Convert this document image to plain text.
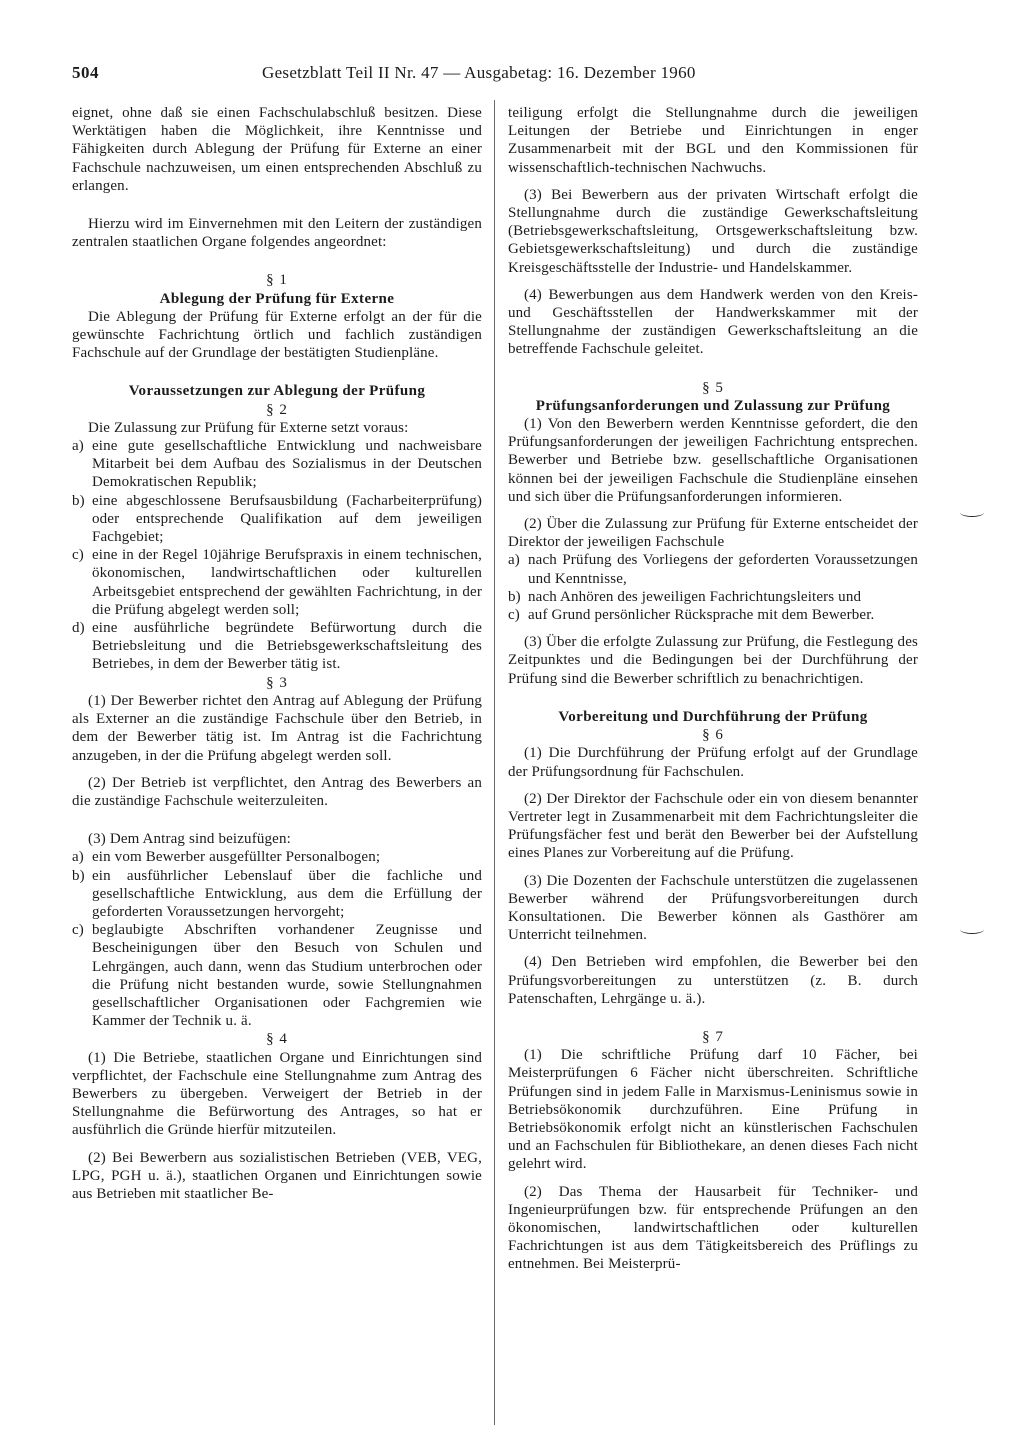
504	Gesetzblatt Teil II Nr. 47 — Ausgabetag: 16. Dezember 1960

eignet, ohne daß sie einen Fachschulabschluß besitzen. Diese Werktätigen haben die Möglichkeit, ihre Kenntnisse und Fähigkeiten durch Ablegung der Prüfung für Externe an einer Fachschule nachzuweisen, um einen entsprechenden Abschluß zu erlangen.

Hierzu wird im Einvernehmen mit den Leitern der zuständigen zentralen staatlichen Organe folgendes angeordnet:

§ 1

Ablegung der Prüfung für Externe

Die Ablegung der Prüfung für Externe erfolgt an der für die gewünschte Fachrichtung örtlich und fachlich zuständigen Fachschule auf der Grundlage der bestätigten Studienpläne.

Voraussetzungen zur Ablegung der Prüfung

§ 2

Die Zulassung zur Prüfung für Externe setzt voraus:

a) eine gute gesellschaftliche Entwicklung und nachweisbare Mitarbeit bei dem Aufbau des Sozialismus in der Deutschen Demokratischen Republik;
b) eine abgeschlossene Berufsausbildung (Facharbeiterprüfung) oder entsprechende Qualifikation auf dem jeweiligen Fachgebiet;
c) eine in der Regel 10jährige Berufspraxis in einem technischen, ökonomischen, landwirtschaftlichen oder kulturellen Arbeitsgebiet entsprechend der gewählten Fachrichtung, in der die Prüfung abgelegt werden soll;
d) eine ausführliche begründete Befürwortung durch die Betriebsleitung und die Betriebsgewerkschaftsleitung des Betriebes, in dem der Bewerber tätig ist.

§ 3

(1) Der Bewerber richtet den Antrag auf Ablegung der Prüfung als Externer an die zuständige Fachschule über den Betrieb, in dem der Bewerber tätig ist. Im Antrag ist die Fachrichtung anzugeben, in der die Prüfung abgelegt werden soll.

(2) Der Betrieb ist verpflichtet, den Antrag des Bewerbers an die zuständige Fachschule weiterzuleiten.

(3) Dem Antrag sind beizufügen:

a) ein vom Bewerber ausgefüllter Personalbogen;
b) ein ausführlicher Lebenslauf über die fachliche und gesellschaftliche Entwicklung, aus dem die Erfüllung der geforderten Voraussetzungen hervorgeht;
c) beglaubigte Abschriften vorhandener Zeugnisse und Bescheinigungen über den Besuch von Schulen und Lehrgängen, auch dann, wenn das Studium unterbrochen oder die Prüfung nicht bestanden wurde, sowie Stellungnahmen gesellschaftlicher Organisationen oder Fachgremien wie Kammer der Technik u. ä.

§ 4

(1) Die Betriebe, staatlichen Organe und Einrichtungen sind verpflichtet, der Fachschule eine Stellungnahme zum Antrag des Bewerbers zu übergeben. Verweigert der Betrieb in der Stellungnahme die Befürwortung des Antrages, so hat er ausführlich die Gründe hierfür mitzuteilen.

(2) Bei Bewerbern aus sozialistischen Betrieben (VEB, VEG, LPG, PGH u. ä.), staatlichen Organen und Einrichtungen sowie aus Betrieben mit staatlicher Be-

teiligung erfolgt die Stellungnahme durch die jeweiligen Leitungen der Betriebe und Einrichtungen in enger Zusammenarbeit mit der BGL und den Kommissionen für wissenschaftlich-technischen Nachwuchs.

(3) Bei Bewerbern aus der privaten Wirtschaft erfolgt die Stellungnahme durch die zuständige Gewerkschaftsleitung (Betriebsgewerkschaftsleitung, Ortsgewerkschaftsleitung bzw. Gebietsgewerkschaftsleitung) und durch die zuständige Kreisgeschäftsstelle der Industrie- und Handelskammer.

(4) Bewerbungen aus dem Handwerk werden von den Kreis- und Geschäftsstellen der Handwerkskammer mit der Stellungnahme der zuständigen Gewerkschaftsleitung an die betreffende Fachschule geleitet.

§ 5

Prüfungsanforderungen und Zulassung zur Prüfung

(1) Von den Bewerbern werden Kenntnisse gefordert, die den Prüfungsanforderungen der jeweiligen Fachrichtung entsprechen. Bewerber und Betriebe bzw. gesellschaftliche Organisationen können bei der jeweiligen Fachschule die Studienpläne einsehen und sich über die Prüfungsanforderungen informieren.

(2) Über die Zulassung zur Prüfung für Externe entscheidet der Direktor der jeweiligen Fachschule

a) nach Prüfung des Vorliegens der geforderten Voraussetzungen und Kenntnisse,
b) nach Anhören des jeweiligen Fachrichtungsleiters und
c) auf Grund persönlicher Rücksprache mit dem Bewerber.

(3) Über die erfolgte Zulassung zur Prüfung, die Festlegung des Zeitpunktes und die Bedingungen bei der Durchführung der Prüfung sind die Bewerber schriftlich zu benachrichtigen.

Vorbereitung und Durchführung der Prüfung

§ 6

(1) Die Durchführung der Prüfung erfolgt auf der Grundlage der Prüfungsordnung für Fachschulen.

(2) Der Direktor der Fachschule oder ein von diesem benannter Vertreter legt in Zusammenarbeit mit dem Fachrichtungsleiter die Prüfungsfächer fest und berät den Bewerber bei der Aufstellung eines Planes zur Vorbereitung auf die Prüfung.

(3) Die Dozenten der Fachschule unterstützen die zugelassenen Bewerber während der Prüfungsvorbereitungen durch Konsultationen. Die Bewerber können als Gasthörer am Unterricht teilnehmen.

(4) Den Betrieben wird empfohlen, die Bewerber bei den Prüfungsvorbereitungen zu unterstützen (z. B. durch Patenschaften, Lehrgänge u. ä.).

§ 7

(1) Die schriftliche Prüfung darf 10 Fächer, bei Meisterprüfungen 6 Fächer nicht überschreiten. Schriftliche Prüfungen sind in jedem Falle in Marxismus-Leninismus sowie in Betriebsökonomik durchzuführen. Eine Prüfung in Betriebsökonomik erfolgt nicht an künstlerischen Fachschulen und an Fachschulen für Bibliothekare, an denen dieses Fach nicht gelehrt wird.

(2) Das Thema der Hausarbeit für Techniker- und Ingenieurprüfungen bzw. für entsprechende Prüfungen an den ökonomischen, landwirtschaftlichen oder kulturellen Fachrichtungen ist aus dem Tätigkeitsbereich des Prüflings zu entnehmen. Bei Meisterprü-
